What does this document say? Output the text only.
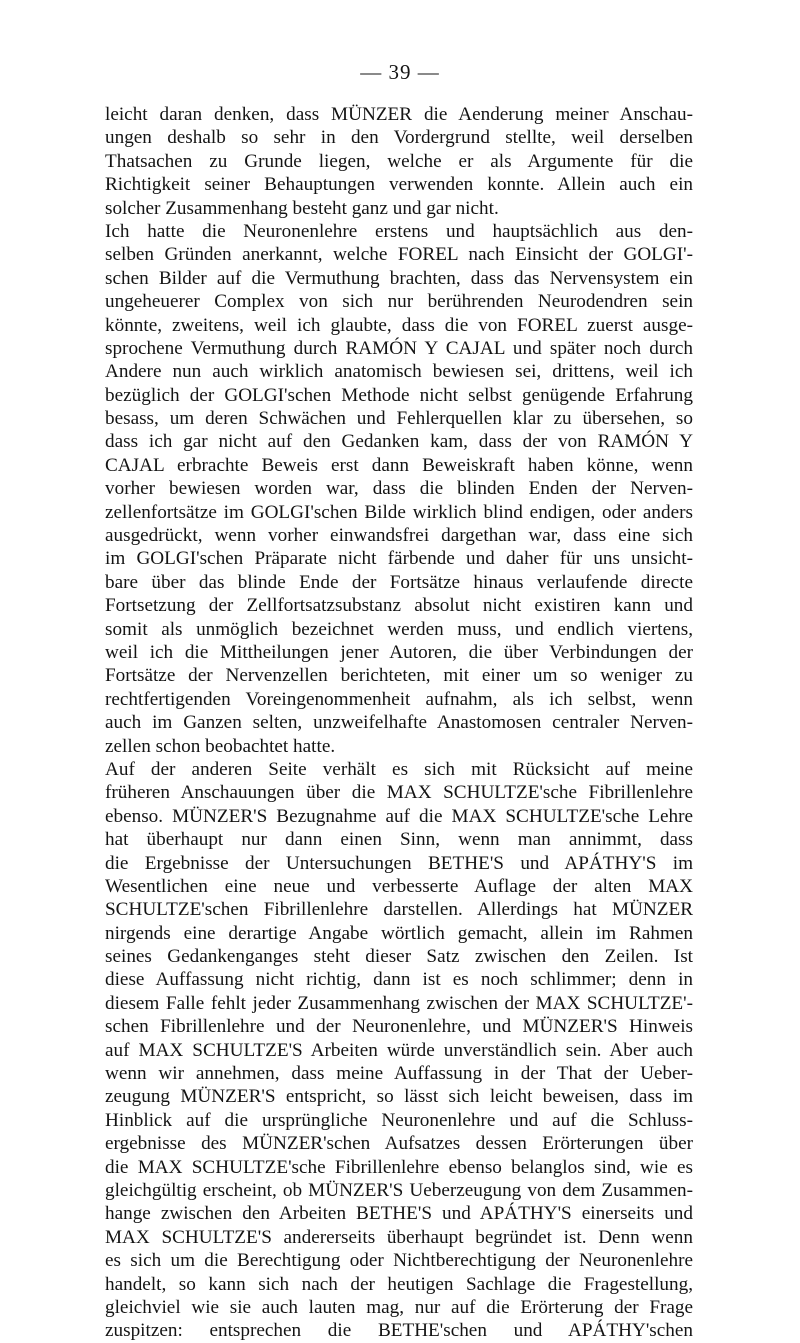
— 39 —
leicht daran denken, dass MÜNZER die Aenderung meiner Anschau-
ungen deshalb so sehr in den Vordergrund stellte, weil derselben
Thatsachen zu Grunde liegen, welche er als Argumente für die
Richtigkeit seiner Behauptungen verwenden konnte. Allein auch ein
solcher Zusammenhang besteht ganz und gar nicht.
Ich hatte die Neuronenlehre erstens und hauptsächlich aus den-
selben Gründen anerkannt, welche FOREL nach Einsicht der GOLGI'-
schen Bilder auf die Vermuthung brachten, dass das Nervensystem ein
ungeheuerer Complex von sich nur berührenden Neurodendren sein
könnte, zweitens, weil ich glaubte, dass die von FOREL zuerst ausge-
sprochene Vermuthung durch RAMÓN Y CAJAL und später noch durch
Andere nun auch wirklich anatomisch bewiesen sei, drittens, weil ich
bezüglich der GOLGI'schen Methode nicht selbst genügende Erfahrung
besass, um deren Schwächen und Fehlerquellen klar zu übersehen, so
dass ich gar nicht auf den Gedanken kam, dass der von RAMÓN Y
CAJAL erbrachte Beweis erst dann Beweiskraft haben könne, wenn
vorher bewiesen worden war, dass die blinden Enden der Nerven-
zellenfortsätze im GOLGI'schen Bilde wirklich blind endigen, oder anders
ausgedrückt, wenn vorher einwandsfrei dargethan war, dass eine sich
im GOLGI'schen Präparate nicht färbende und daher für uns unsicht-
bare über das blinde Ende der Fortsätze hinaus verlaufende directe
Fortsetzung der Zellfortsatzsubstanz absolut nicht existiren kann und
somit als unmöglich bezeichnet werden muss, und endlich viertens,
weil ich die Mittheilungen jener Autoren, die über Verbindungen der
Fortsätze der Nervenzellen berichteten, mit einer um so weniger zu
rechtfertigenden Voreingenommenheit aufnahm, als ich selbst, wenn
auch im Ganzen selten, unzweifelhafte Anastomosen centraler Nerven-
zellen schon beobachtet hatte.
Auf der anderen Seite verhält es sich mit Rücksicht auf meine
früheren Anschauungen über die MAX SCHULTZE'sche Fibrillenlehre
ebenso. MÜNZER'S Bezugnahme auf die MAX SCHULTZE'sche Lehre
hat überhaupt nur dann einen Sinn, wenn man annimmt, dass
die Ergebnisse der Untersuchungen BETHE'S und APÁTHY'S im
Wesentlichen eine neue und verbesserte Auflage der alten MAX
SCHULTZE'schen Fibrillenlehre darstellen. Allerdings hat MÜNZER
nirgends eine derartige Angabe wörtlich gemacht, allein im Rahmen
seines Gedankenganges steht dieser Satz zwischen den Zeilen. Ist
diese Auffassung nicht richtig, dann ist es noch schlimmer; denn in
diesem Falle fehlt jeder Zusammenhang zwischen der MAX SCHULTZE'-
schen Fibrillenlehre und der Neuronenlehre, und MÜNZER'S Hinweis
auf MAX SCHULTZE'S Arbeiten würde unverständlich sein. Aber auch
wenn wir annehmen, dass meine Auffassung in der That der Ueber-
zeugung MÜNZER'S entspricht, so lässt sich leicht beweisen, dass im
Hinblick auf die ursprüngliche Neuronenlehre und auf die Schluss-
ergebnisse des MÜNZER'schen Aufsatzes dessen Erörterungen über
die MAX SCHULTZE'sche Fibrillenlehre ebenso belanglos sind, wie es
gleichgültig erscheint, ob MÜNZER'S Ueberzeugung von dem Zusammen-
hange zwischen den Arbeiten BETHE'S und APÁTHY'S einerseits und
MAX SCHULTZE'S andererseits überhaupt begründet ist. Denn wenn
es sich um die Berechtigung oder Nichtberechtigung der Neuronenlehre
handelt, so kann sich nach der heutigen Sachlage die Fragestellung,
gleichviel wie sie auch lauten mag, nur auf die Erörterung der Frage
zuspitzen: entsprechen die BETHE'schen und APÁTHY'schen
